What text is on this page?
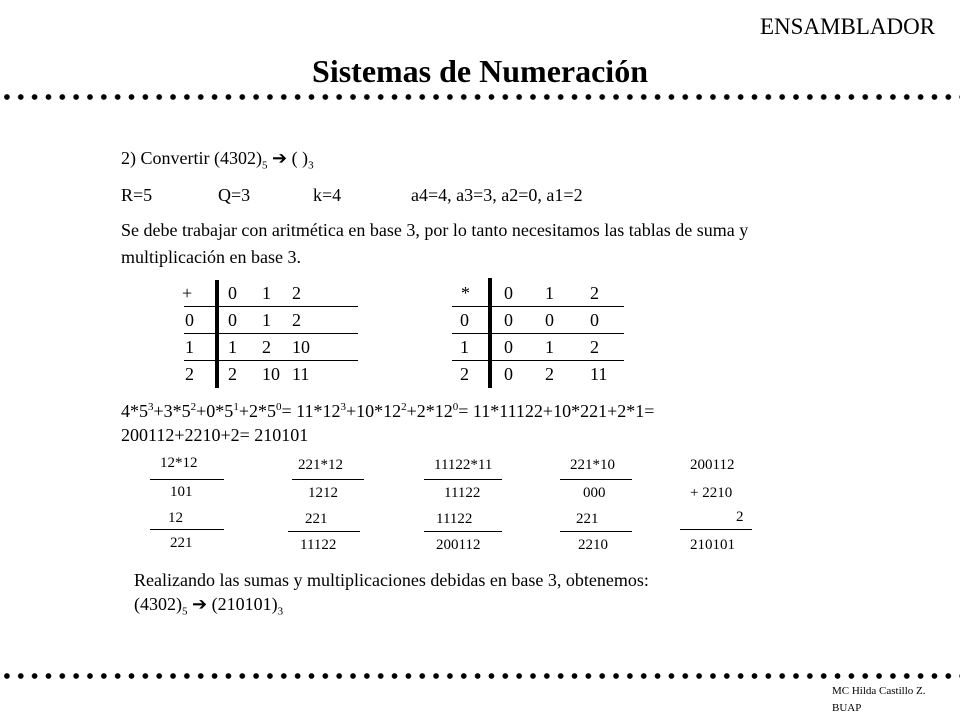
ENSAMBLADOR
Sistemas de Numeración
2) Convertir $(4302)_5$ ➔ ( )$_3$
R=5	Q=3	k=4	a4=4, a3=3, a2=0, a1=2
Se debe trabajar con aritmética en base 3, por lo tanto necesitamos las tablas de suma y
multiplicación en base 3.
+ 0 1 2
0 0 1 2
1 1 2 10
2 2 10 11
* 0 1 2
0 0 0 0
1 0 1 2
2 0 2 11
$4*5^3+3*5^2+0*5^1+2*5^0= 11*12^3+10*12^2+2*12^0= 11*11122+10*221+2*1=$
200112+2210+2= 210101
12*12
101
12
221
221*12
1212
221
11122
11122*11
11122
11122
200112
221*10
000
221
2210
200112
+ 2210
2
210101
Realizando las sumas y multiplicaciones debidas en base 3, obtenemos:
$(4302)_5$ ➔ $(210101)_3$
MC Hilda Castillo Z.
BUAP
